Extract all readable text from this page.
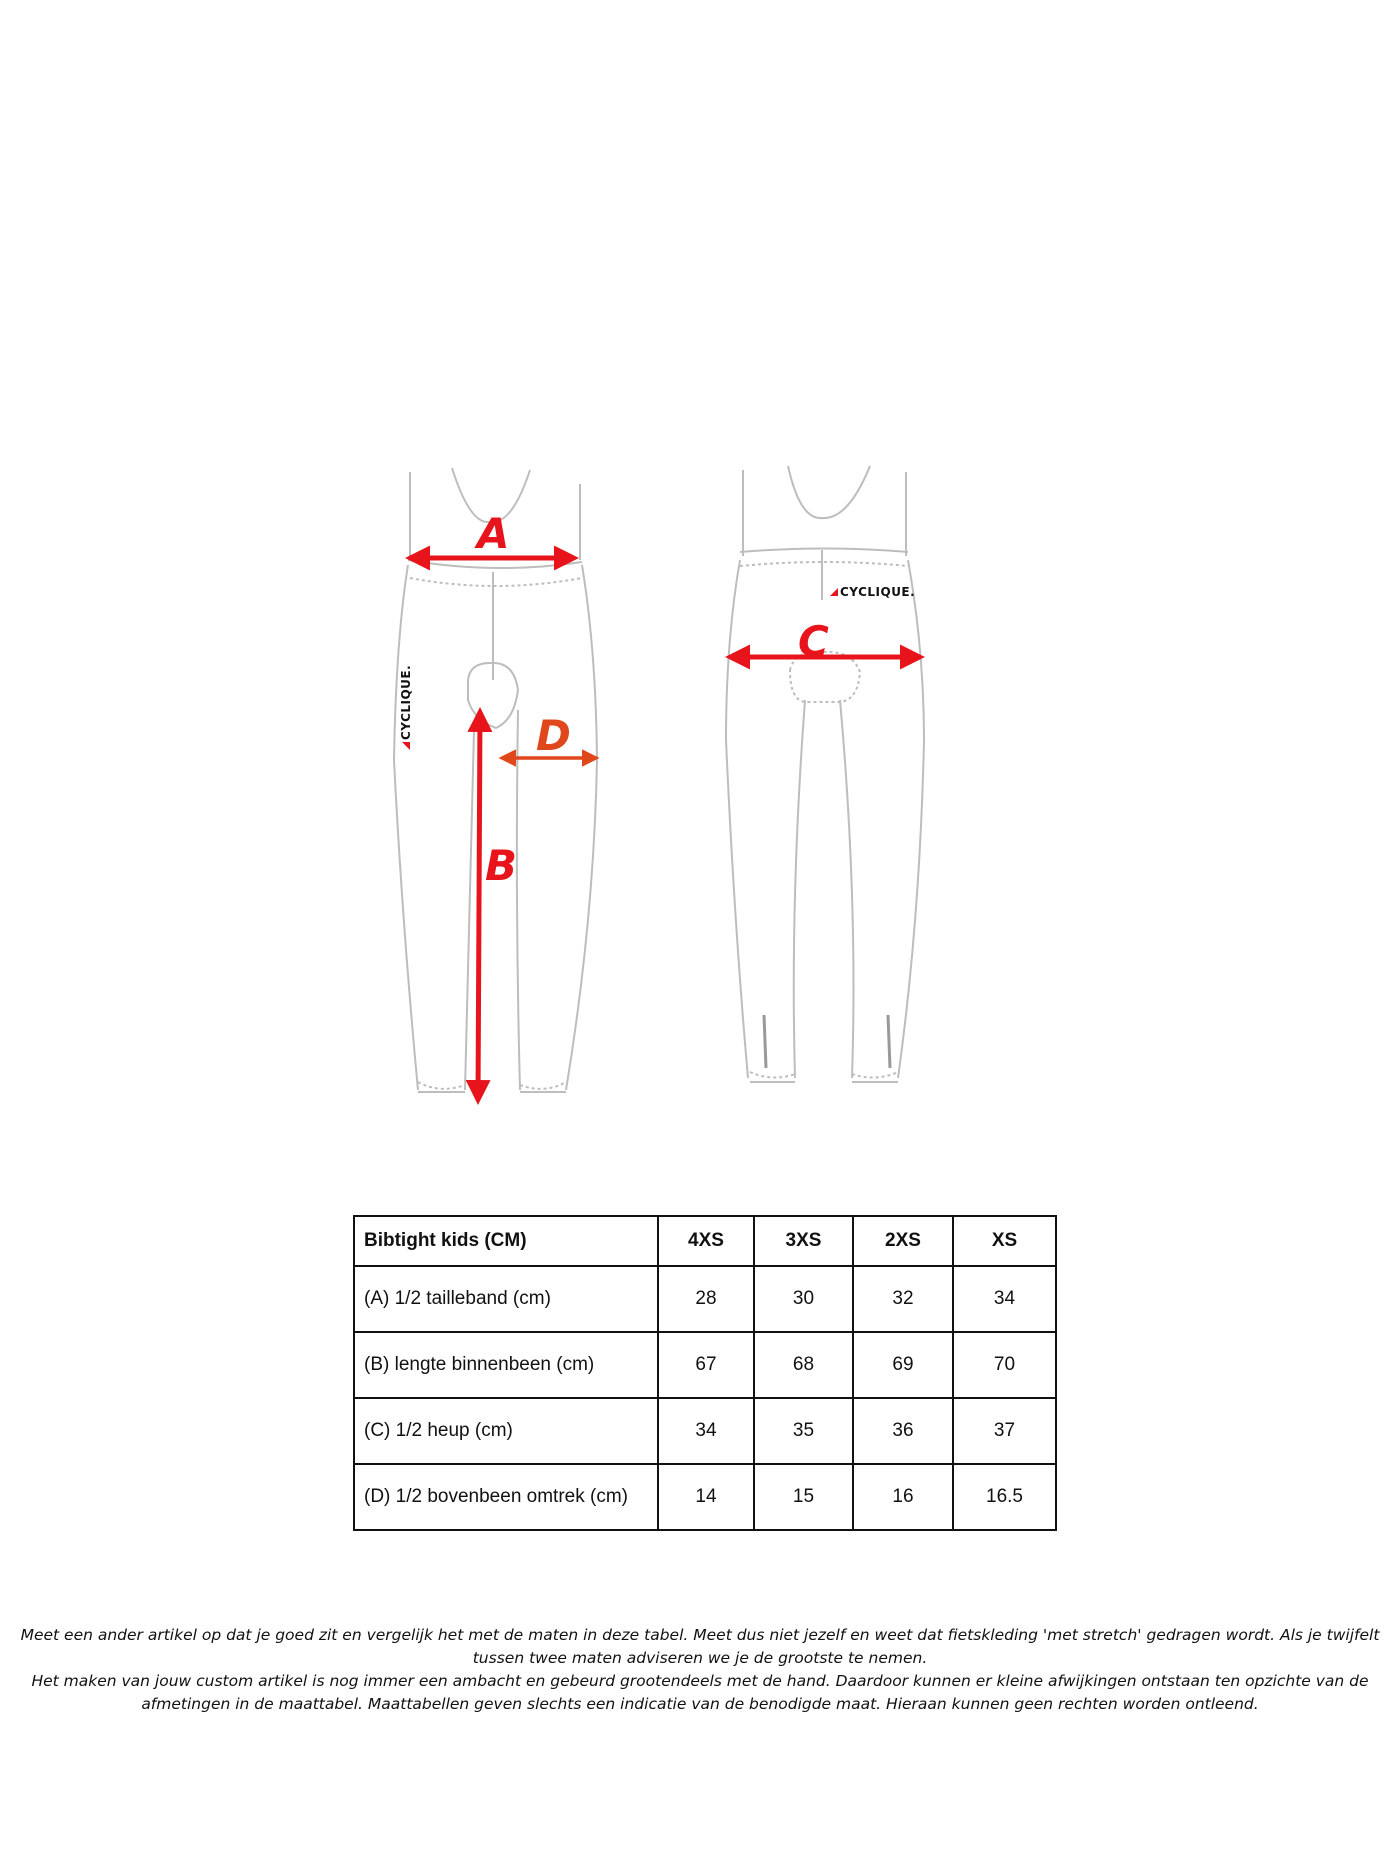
CYCLIQUE.
A
B
D
CYCLIQUE.
C
Bibtight kids (CM)	4XS	3XS	2XS	XS
(A) 1/2 tailleband (cm)	28	30	32	34
(B) lengte binnenbeen (cm)	67	68	69	70
(C) 1/2 heup (cm)	34	35	36	37
(D) 1/2 bovenbeen omtrek (cm)	14	15	16	16.5

Meet een ander artikel op dat je goed zit en vergelijk het met de maten in deze tabel. Meet dus niet jezelf en weet dat fietskleding 'met stretch' gedragen wordt. Als je twijfelt tussen twee maten adviseren we je de grootste te nemen.

Het maken van jouw custom artikel is nog immer een ambacht en gebeurd grootendeels met de hand. Daardoor kunnen er kleine afwijkingen ontstaan ten opzichte van de afmetingen in de maattabel. Maattabellen geven slechts een indicatie van de benodigde maat. Hieraan kunnen geen rechten worden ontleend.
